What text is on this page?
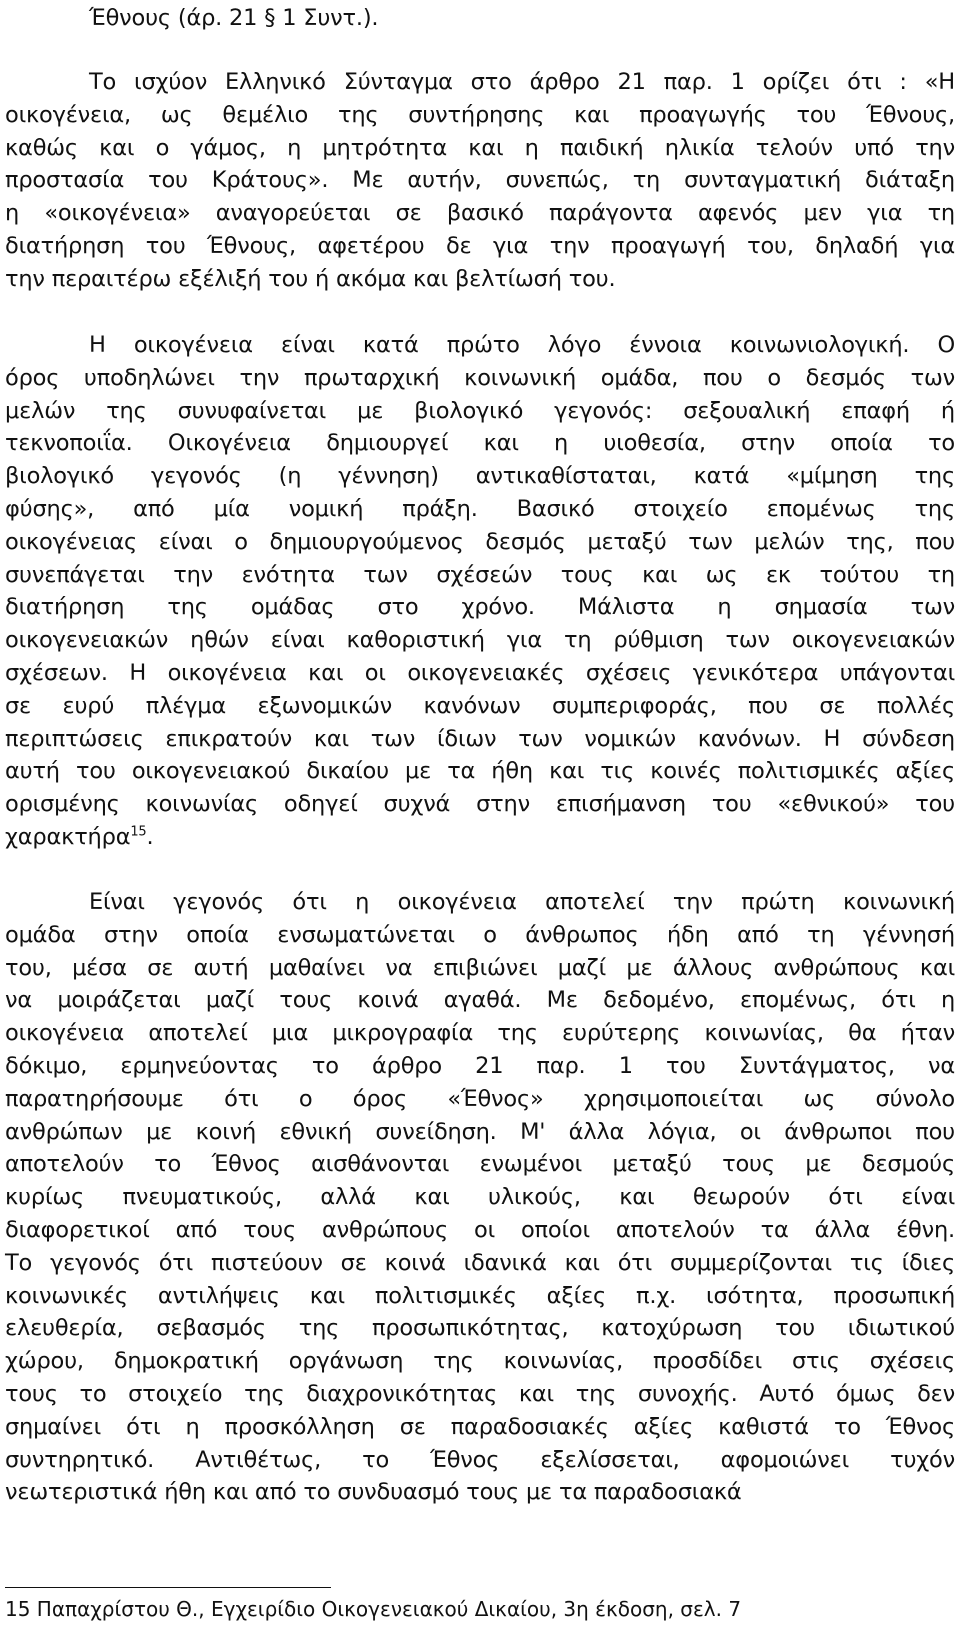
Έθνους (άρ. 21 § 1 Συντ.).
Το ισχύον Ελληνικό Σύνταγμα στο άρθρο 21 παρ. 1 ορίζει ότι : «Η
οικογένεια, ως θεμέλιο της συντήρησης και προαγωγής του Έθνους,
καθώς και ο γάμος, η μητρότητα και η παιδική ηλικία τελούν υπό την
προστασία του Κράτους». Με αυτήν, συνεπώς, τη συνταγματική διάταξη
η «οικογένεια» αναγορεύεται σε βασικό παράγοντα αφενός μεν για τη
διατήρηση του Έθνους, αφετέρου δε για την προαγωγή του, δηλαδή για
την περαιτέρω εξέλιξή του ή ακόμα και βελτίωσή του.
Η οικογένεια είναι κατά πρώτο λόγο έννοια κοινωνιολογική. Ο
όρος υποδηλώνει την πρωταρχική κοινωνική ομάδα, που ο δεσμός των
μελών της συνυφαίνεται με βιολογικό γεγονός: σεξουαλική επαφή ή
τεκνοποιΐα. Οικογένεια δημιουργεί και η υιοθεσία, στην οποία το
βιολογικό γεγονός (η γέννηση) αντικαθίσταται, κατά «μίμηση της
φύσης», από μία νομική πράξη. Βασικό στοιχείο επομένως της
οικογένειας είναι ο δημιουργούμενος δεσμός μεταξύ των μελών της, που
συνεπάγεται την ενότητα των σχέσεών τους και ως εκ τούτου τη
διατήρηση της ομάδας στο χρόνο. Μάλιστα η σημασία των
οικογενειακών ηθών είναι καθοριστική για τη ρύθμιση των οικογενειακών
σχέσεων. Η οικογένεια και οι οικογενειακές σχέσεις γενικότερα υπάγονται
σε ευρύ πλέγμα εξωνομικών κανόνων συμπεριφοράς, που σε πολλές
περιπτώσεις επικρατούν και των ίδιων των νομικών κανόνων. Η σύνδεση
αυτή του οικογενειακού δικαίου με τα ήθη και τις κοινές πολιτισμικές αξίες
ορισμένης κοινωνίας οδηγεί συχνά στην επισήμανση του «εθνικού» του
χαρακτήρα$^{15}$.
Είναι γεγονός ότι η οικογένεια αποτελεί την πρώτη κοινωνική
ομάδα στην οποία ενσωματώνεται ο άνθρωπος ήδη από τη γέννησή
του, μέσα σε αυτή μαθαίνει να επιβιώνει μαζί με άλλους ανθρώπους και
να μοιράζεται μαζί τους κοινά αγαθά. Με δεδομένο, επομένως, ότι η
οικογένεια αποτελεί μια μικρογραφία της ευρύτερης κοινωνίας, θα ήταν
δόκιμο, ερμηνεύοντας το άρθρο 21 παρ. 1 του Συντάγματος, να
παρατηρήσουμε ότι ο όρος «Έθνος» χρησιμοποιείται ως σύνολο
ανθρώπων με κοινή εθνική συνείδηση. Μ' άλλα λόγια, οι άνθρωποι που
αποτελούν το Έθνος αισθάνονται ενωμένοι μεταξύ τους με δεσμούς
κυρίως πνευματικούς, αλλά και υλικούς, και θεωρούν ότι είναι
διαφορετικοί από τους ανθρώπους οι οποίοι αποτελούν τα άλλα έθνη.
Το γεγονός ότι πιστεύουν σε κοινά ιδανικά και ότι συμμερίζονται τις ίδιες
κοινωνικές αντιλήψεις και πολιτισμικές αξίες π.χ. ισότητα, προσωπική
ελευθερία, σεβασμός της προσωπικότητας, κατοχύρωση του ιδιωτικού
χώρου, δημοκρατική οργάνωση της κοινωνίας, προσδίδει στις σχέσεις
τους το στοιχείο της διαχρονικότητας και της συνοχής. Αυτό όμως δεν
σημαίνει ότι η προσκόλληση σε παραδοσιακές αξίες καθιστά το Έθνος
συντηρητικό. Αντιθέτως, το Έθνος εξελίσσεται, αφομοιώνει τυχόν
νεωτεριστικά ήθη και από το συνδυασμό τους με τα παραδοσιακά
15 Παπαχρίστου Θ., Εγχειρίδιο Οικογενειακού Δικαίου, 3η έκδοση, σελ. 7
